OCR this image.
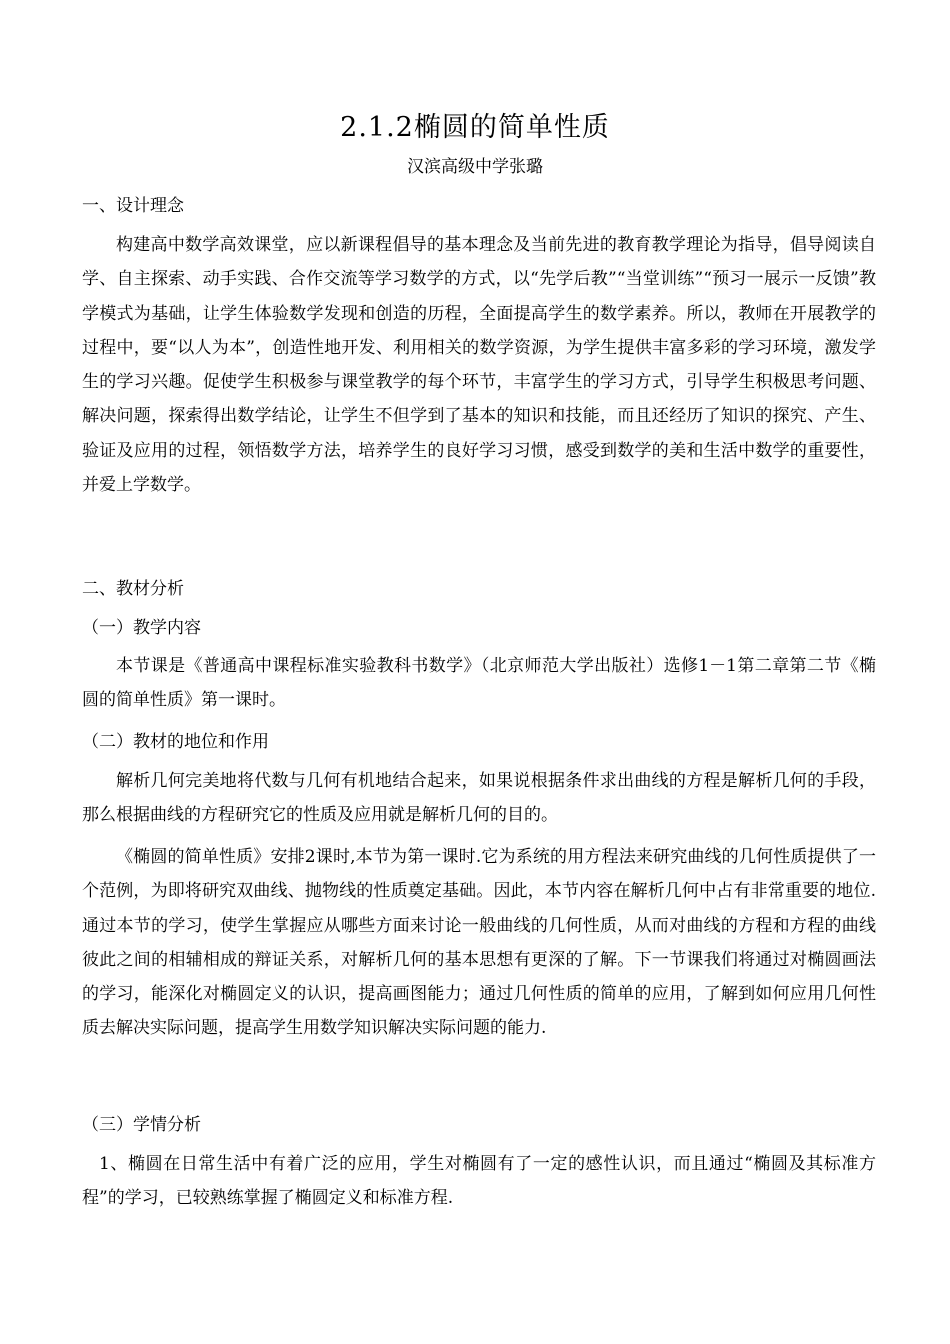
2.1.2椭圆的简单性质
汉滨高级中学张璐
一、设计理念
构建高中数学高效课堂，应以新课程倡导的基本理念及当前先进的教育教学理论为指导，倡导阅读自学、自主探索、动手实践、合作交流等学习数学的方式，以“先学后教”“当堂训练”“预习一展示一反馈”教学模式为基础，让学生体验数学发现和创造的历程，全面提高学生的数学素养。所以，教师在开展教学的过程中，要“以人为本”，创造性地开发、利用相关的数学资源，为学生提供丰富多彩的学习环境，激发学生的学习兴趣。促使学生积极参与课堂教学的每个环节，丰富学生的学习方式，引导学生积极思考问题、解决问题，探索得出数学结论，让学生不但学到了基本的知识和技能，而且还经历了知识的探究、产生、验证及应用的过程，领悟数学方法，培养学生的良好学习习惯，感受到数学的美和生活中数学的重要性，并爱上学数学。
二、教材分析
（一）教学内容
本节课是《普通高中课程标准实验教科书数学》（北京师范大学出版社）选修1－1第二章第二节《椭圆的简单性质》第一课时。
（二）教材的地位和作用
解析几何完美地将代数与几何有机地结合起来，如果说根据条件求出曲线的方程是解析几何的手段，那么根据曲线的方程研究它的性质及应用就是解析几何的目的。
《椭圆的简单性质》安排2课时,本节为第一课时.它为系统的用方程法来研究曲线的几何性质提供了一个范例，为即将研究双曲线、抛物线的性质奠定基础。因此，本节内容在解析几何中占有非常重要的地位.通过本节的学习，使学生掌握应从哪些方面来讨论一般曲线的几何性质，从而对曲线的方程和方程的曲线彼此之间的相辅相成的辩证关系，对解析几何的基本思想有更深的了解。下一节课我们将通过对椭圆画法的学习，能深化对椭圆定义的认识，提高画图能力；通过几何性质的简单的应用，了解到如何应用几何性质去解决实际问题，提高学生用数学知识解决实际问题的能力.
（三）学情分析
1、椭圆在日常生活中有着广泛的应用，学生对椭圆有了一定的感性认识，而且通过“椭圆及其标准方程”的学习，已较熟练掌握了椭圆定义和标准方程.
